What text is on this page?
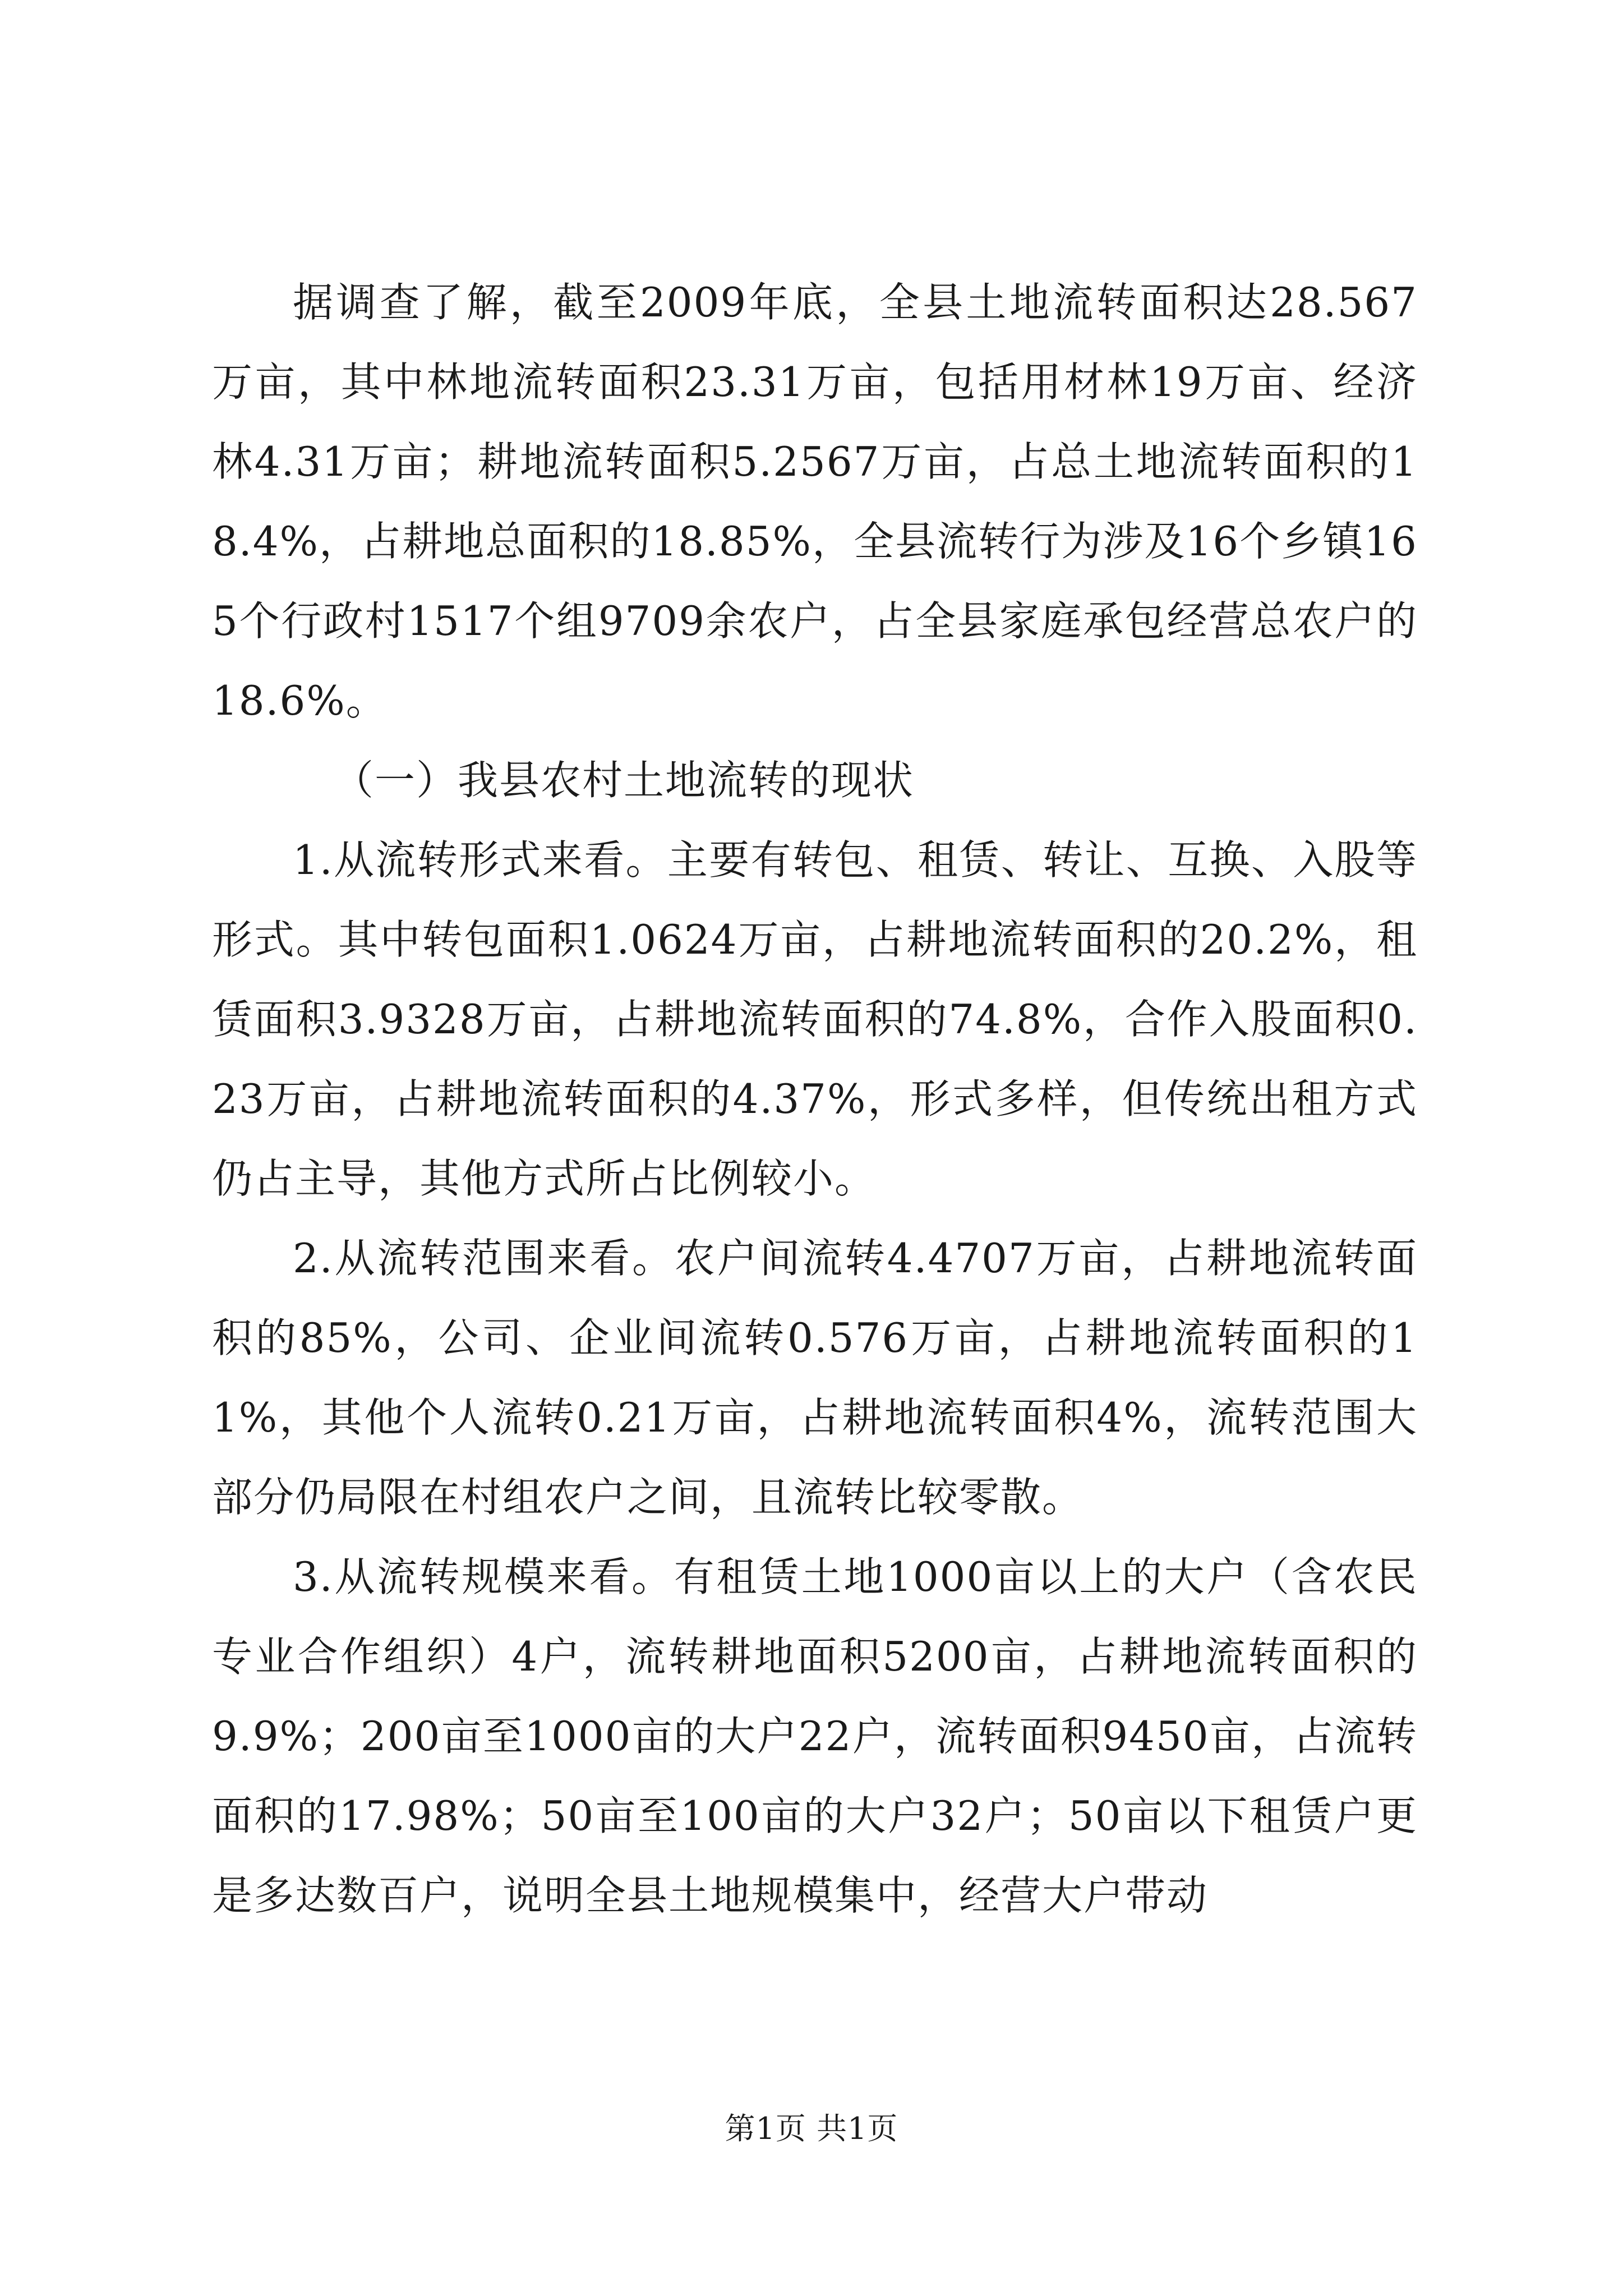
据调查了解，截至2009年底，全县土地流转面积达28.567万亩，其中林地流转面积23.31万亩，包括用材林19万亩、经济林4.31万亩；耕地流转面积5.2567万亩，占总土地流转面积的18.4%，占耕地总面积的18.85%，全县流转行为涉及16个乡镇165个行政村1517个组9709余农户，占全县家庭承包经营总农户的18.6%。

（一）我县农村土地流转的现状

1.从流转形式来看。主要有转包、租赁、转让、互换、入股等形式。其中转包面积1.0624万亩，占耕地流转面积的20.2%，租赁面积3.9328万亩，占耕地流转面积的74.8%，合作入股面积0.23万亩，占耕地流转面积的4.37%，形式多样，但传统出租方式仍占主导，其他方式所占比例较小。

2.从流转范围来看。农户间流转4.4707万亩，占耕地流转面积的85%，公司、企业间流转0.576万亩，占耕地流转面积的11%，其他个人流转0.21万亩，占耕地流转面积4%，流转范围大部分仍局限在村组农户之间，且流转比较零散。

3.从流转规模来看。有租赁土地1000亩以上的大户（含农民专业合作组织）4户，流转耕地面积5200亩，占耕地流转面积的9.9%；200亩至1000亩的大户22户，流转面积9450亩，占流转面积的17.98%；50亩至100亩的大户32户；50亩以下租赁户更是多达数百户，说明全县土地规模集中，经营大户带动

第1页 共1页
